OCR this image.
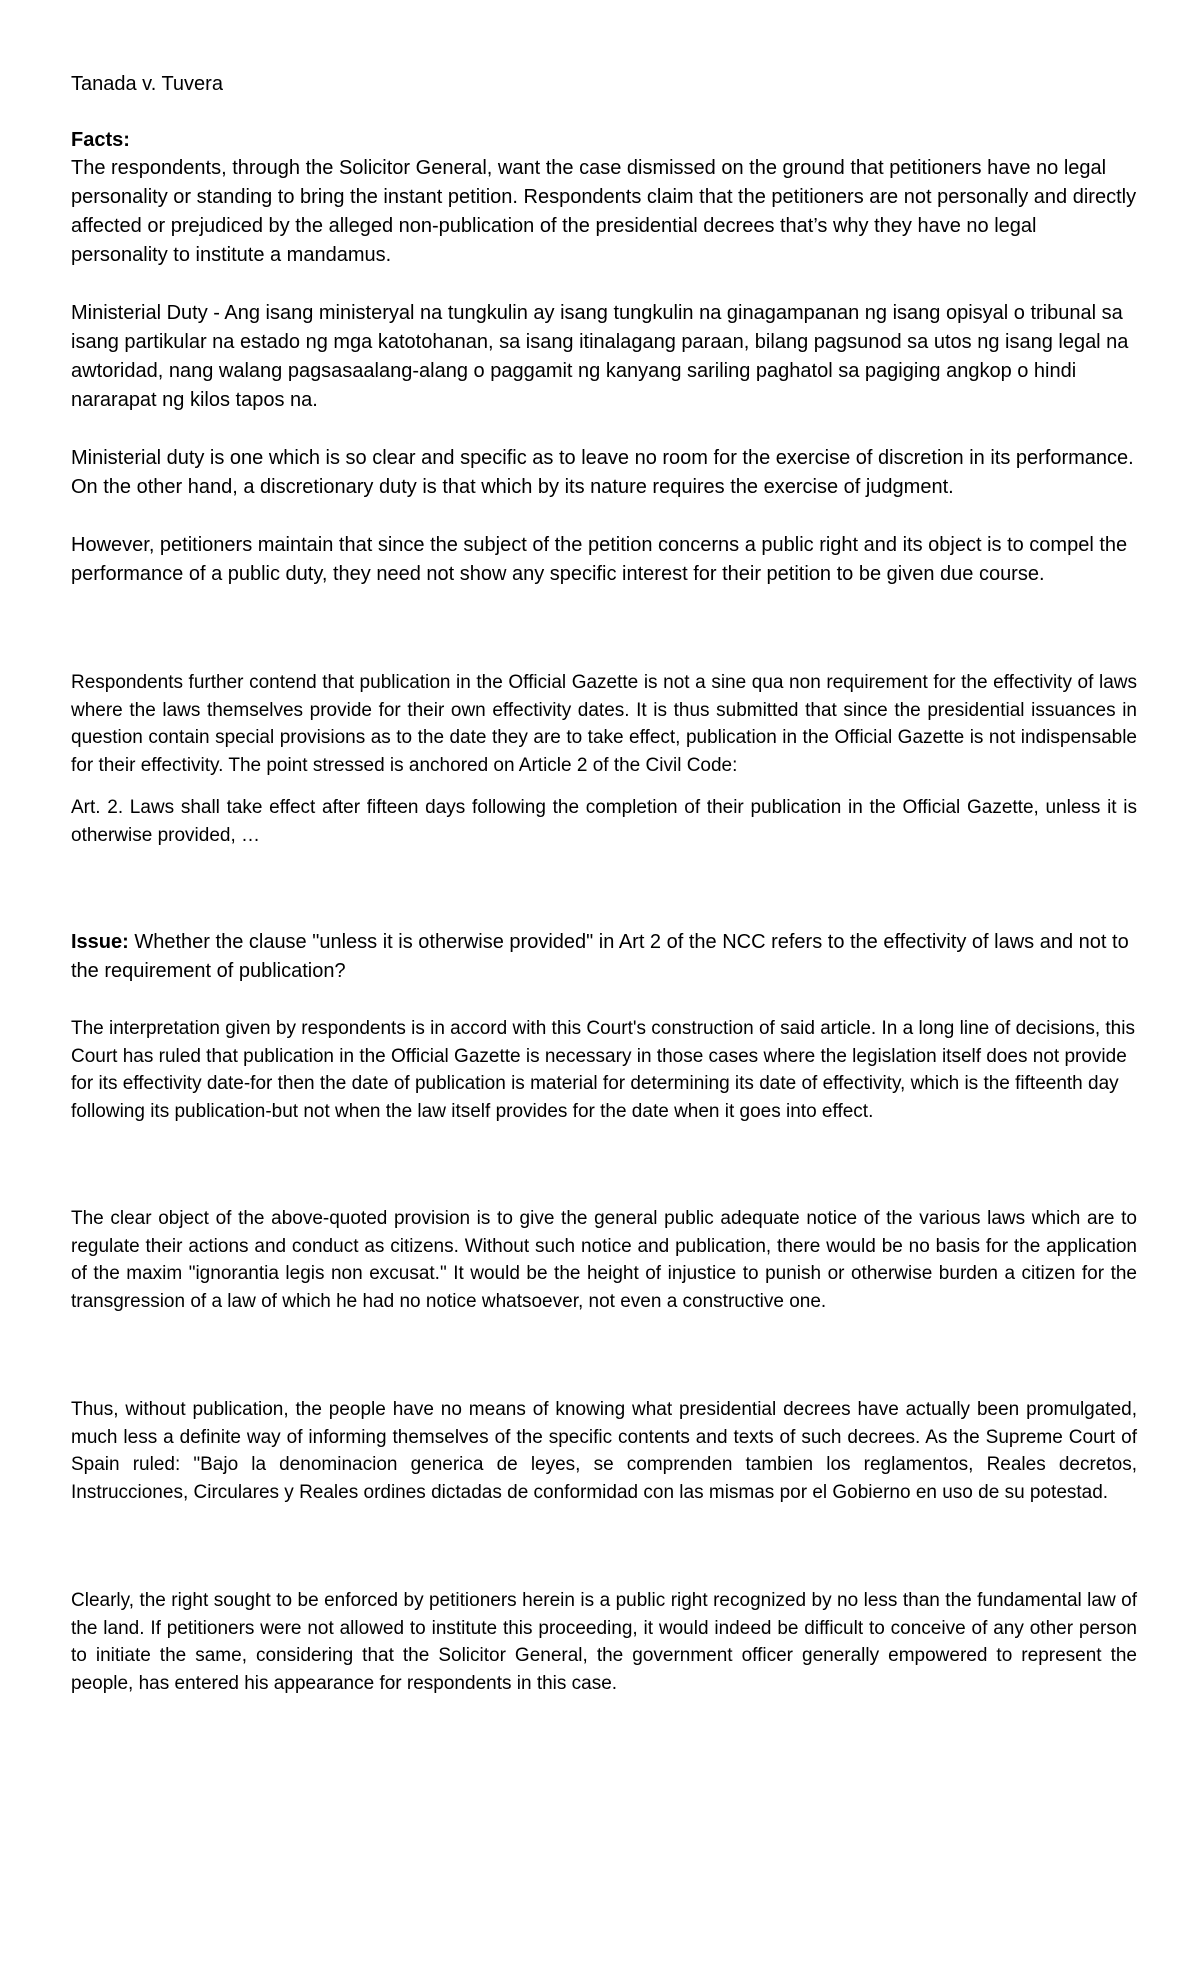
Tanada v. Tuvera

Facts:

The respondents, through the Solicitor General, want the case dismissed on the ground that petitioners have no legal personality or standing to bring the instant petition. Respondents claim that the petitioners are not personally and directly affected or prejudiced by the alleged non-publication of the presidential decrees that’s why they have no legal personality to institute a mandamus.

Ministerial Duty - Ang isang ministeryal na tungkulin ay isang tungkulin na ginagampanan ng isang opisyal o tribunal sa isang partikular na estado ng mga katotohanan, sa isang itinalagang paraan, bilang pagsunod sa utos ng isang legal na awtoridad, nang walang pagsasaalang-alang o paggamit ng kanyang sariling paghatol sa pagiging angkop o hindi nararapat ng kilos tapos na.

Ministerial duty is one which is so clear and specific as to leave no room for the exercise of discretion in its performance. On the other hand, a discretionary duty is that which by its nature requires the exercise of judgment.

However, petitioners maintain that since the subject of the petition concerns a public right and its object is to compel the performance of a public duty, they need not show any specific interest for their petition to be given due course.

Respondents further contend that publication in the Official Gazette is not a sine qua non requirement for the effectivity of laws where the laws themselves provide for their own effectivity dates. It is thus submitted that since the presidential issuances in question contain special provisions as to the date they are to take effect, publication in the Official Gazette is not indispensable for their effectivity. The point stressed is anchored on Article 2 of the Civil Code:

Art. 2. Laws shall take effect after fifteen days following the completion of their publication in the Official Gazette, unless it is otherwise provided, …

Issue: Whether the clause "unless it is otherwise provided" in Art 2 of the NCC refers to the effectivity of laws and not to the requirement of publication?

The interpretation given by respondents is in accord with this Court's construction of said article. In a long line of decisions, this Court has ruled that publication in the Official Gazette is necessary in those cases where the legislation itself does not provide for its effectivity date-for then the date of publication is material for determining its date of effectivity, which is the fifteenth day following its publication-but not when the law itself provides for the date when it goes into effect.

The clear object of the above-quoted provision is to give the general public adequate notice of the various laws which are to regulate their actions and conduct as citizens. Without such notice and publication, there would be no basis for the application of the maxim "ignorantia legis non excusat." It would be the height of injustice to punish or otherwise burden a citizen for the transgression of a law of which he had no notice whatsoever, not even a constructive one.

Thus, without publication, the people have no means of knowing what presidential decrees have actually been promulgated, much less a definite way of informing themselves of the specific contents and texts of such decrees. As the Supreme Court of Spain ruled: "Bajo la denominacion generica de leyes, se comprenden tambien los reglamentos, Reales decretos, Instrucciones, Circulares y Reales ordines dictadas de conformidad con las mismas por el Gobierno en uso de su potestad.

Clearly, the right sought to be enforced by petitioners herein is a public right recognized by no less than the fundamental law of the land. If petitioners were not allowed to institute this proceeding, it would indeed be difficult to conceive of any other person to initiate the same, considering that the Solicitor General, the government officer generally empowered to represent the people, has entered his appearance for respondents in this case.
